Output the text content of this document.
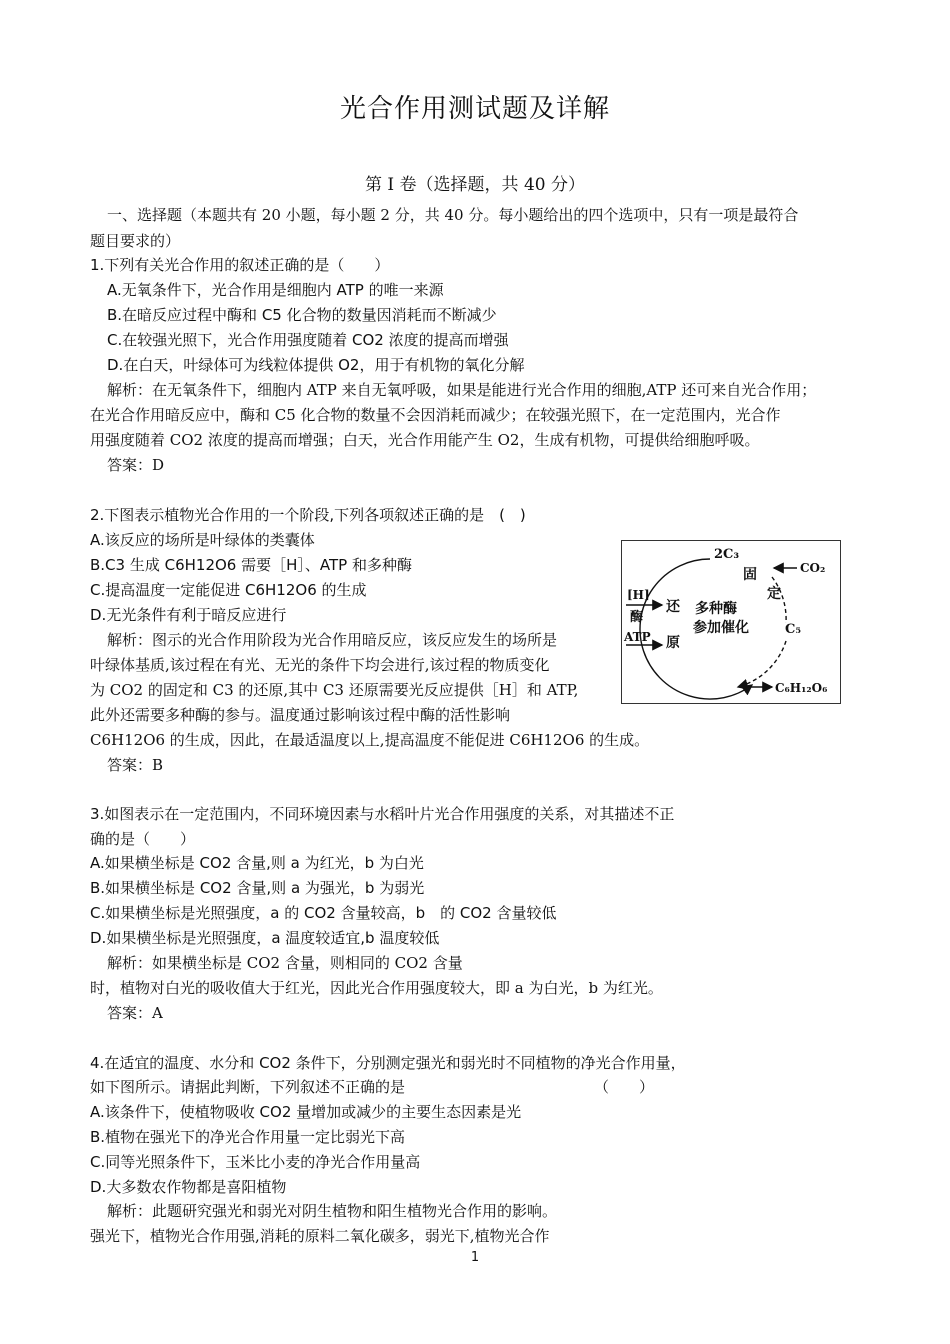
光合作用测试题及详解
第 I 卷（选择题，共 40 分）
一、选择题（本题共有 20 小题，每小题 2 分，共 40 分。每小题给出的四个选项中，只有一项是最符合
题目要求的）
1.下列有关光合作用的叙述正确的是（　　）
A.无氧条件下，光合作用是细胞内 ATP 的唯一来源
B.在暗反应过程中酶和 C5 化合物的数量因消耗而不断减少
C.在较强光照下，光合作用强度随着 CO2 浓度的提高而增强
D.在白天，叶绿体可为线粒体提供 O2，用于有机物的氧化分解
解析：在无氧条件下，细胞内 ATP 来自无氧呼吸，如果是能进行光合作用的细胞,ATP 还可来自光合作用；
在光合作用暗反应中，酶和 C5 化合物的数量不会因消耗而减少；在较强光照下，在一定范围内，光合作
用强度随着 CO2 浓度的提高而增强；白天，光合作用能产生 O2，生成有机物，可提供给细胞呼吸。
答案：D
2.下图表示植物光合作用的一个阶段,下列各项叙述正确的是　(　)
A.该反应的场所是叶绿体的类囊体
B.C3 生成 C6H12O6 需要［H］、ATP 和多种酶
C.提高温度一定能促进 C6H12O6 的生成
D.无光条件有利于暗反应进行
解析：图示的光合作用阶段为光合作用暗反应，该反应发生的场所是
叶绿体基质,该过程在有光、无光的条件下均会进行,该过程的物质变化
为 CO2 的固定和 C3 的还原,其中 C3 还原需要光反应提供［H］和 ATP,
此外还需要多种酶的参与。温度通过影响该过程中酶的活性影响
C6H12O6 的生成，因此，在最适温度以上,提高温度不能促进 C6H12O6 的生成。
答案：B
2C₃
CO₂
固
定
[H]
酶
还
ATP 原
多种酶
参加催化	C₅
C₆H₁₂O₆
3.如图表示在一定范围内，不同环境因素与水稻叶片光合作用强度的关系，对其描述不正
确的是（　　）
A.如果横坐标是 CO2 含量,则 a 为红光，b 为白光
B.如果横坐标是 CO2 含量,则 a 为强光，b 为弱光
C.如果横坐标是光照强度，a 的 CO2 含量较高，b　的 CO2 含量较低
D.如果横坐标是光照强度，a 温度较适宜,b 温度较低
解析：如果横坐标是 CO2 含量，则相同的 CO2 含量
时，植物对白光的吸收值大于红光，因此光合作用强度较大，即 a 为白光，b 为红光。
答案：A
4.在适宜的温度、水分和 CO2 条件下，分别测定强光和弱光时不同植物的净光合作用量，
如下图所示。请据此判断，下列叙述不正确的是	（　　）
A.该条件下，使植物吸收 CO2 量增加或减少的主要生态因素是光
B.植物在强光下的净光合作用量一定比弱光下高
C.同等光照条件下，玉米比小麦的净光合作用量高
D.大多数农作物都是喜阳植物
解析：此题研究强光和弱光对阴生植物和阳生植物光合作用的影响。
强光下，植物光合作用强,消耗的原料二氧化碳多，弱光下,植物光合作
1
